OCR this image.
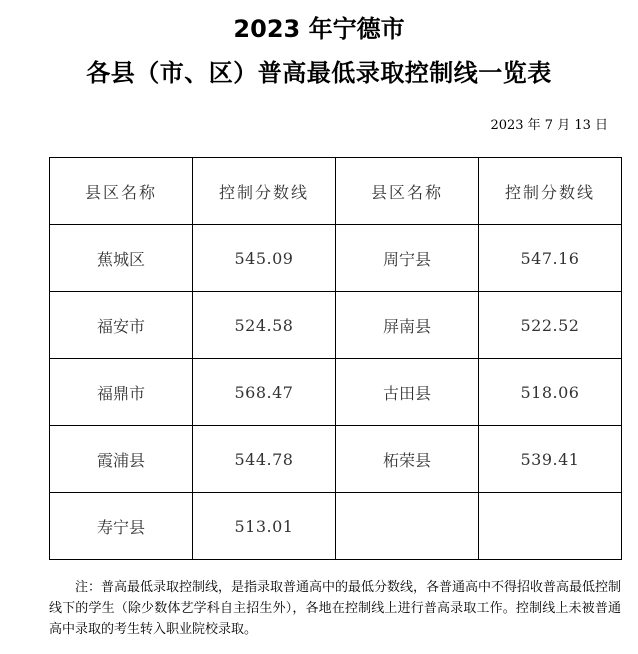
2023 年宁德市
各县（市、区）普高最低录取控制线一览表
2023 年 7 月 13 日
县区名称	控制分数线	县区名称	控制分数线
蕉城区	545.09	周宁县	547.16
福安市	524.58	屏南县	522.52
福鼎市	568.47	古田县	518.06
霞浦县	544.78	柘荣县	539.41
寿宁县	513.01		
注：普高最低录取控制线，是指录取普通高中的最低分数线，各普通高中不得招收普高最低控制线下的学生（除少数体艺学科自主招生外），各地在控制线上进行普高录取工作。控制线上未被普通高中录取的考生转入职业院校录取。
